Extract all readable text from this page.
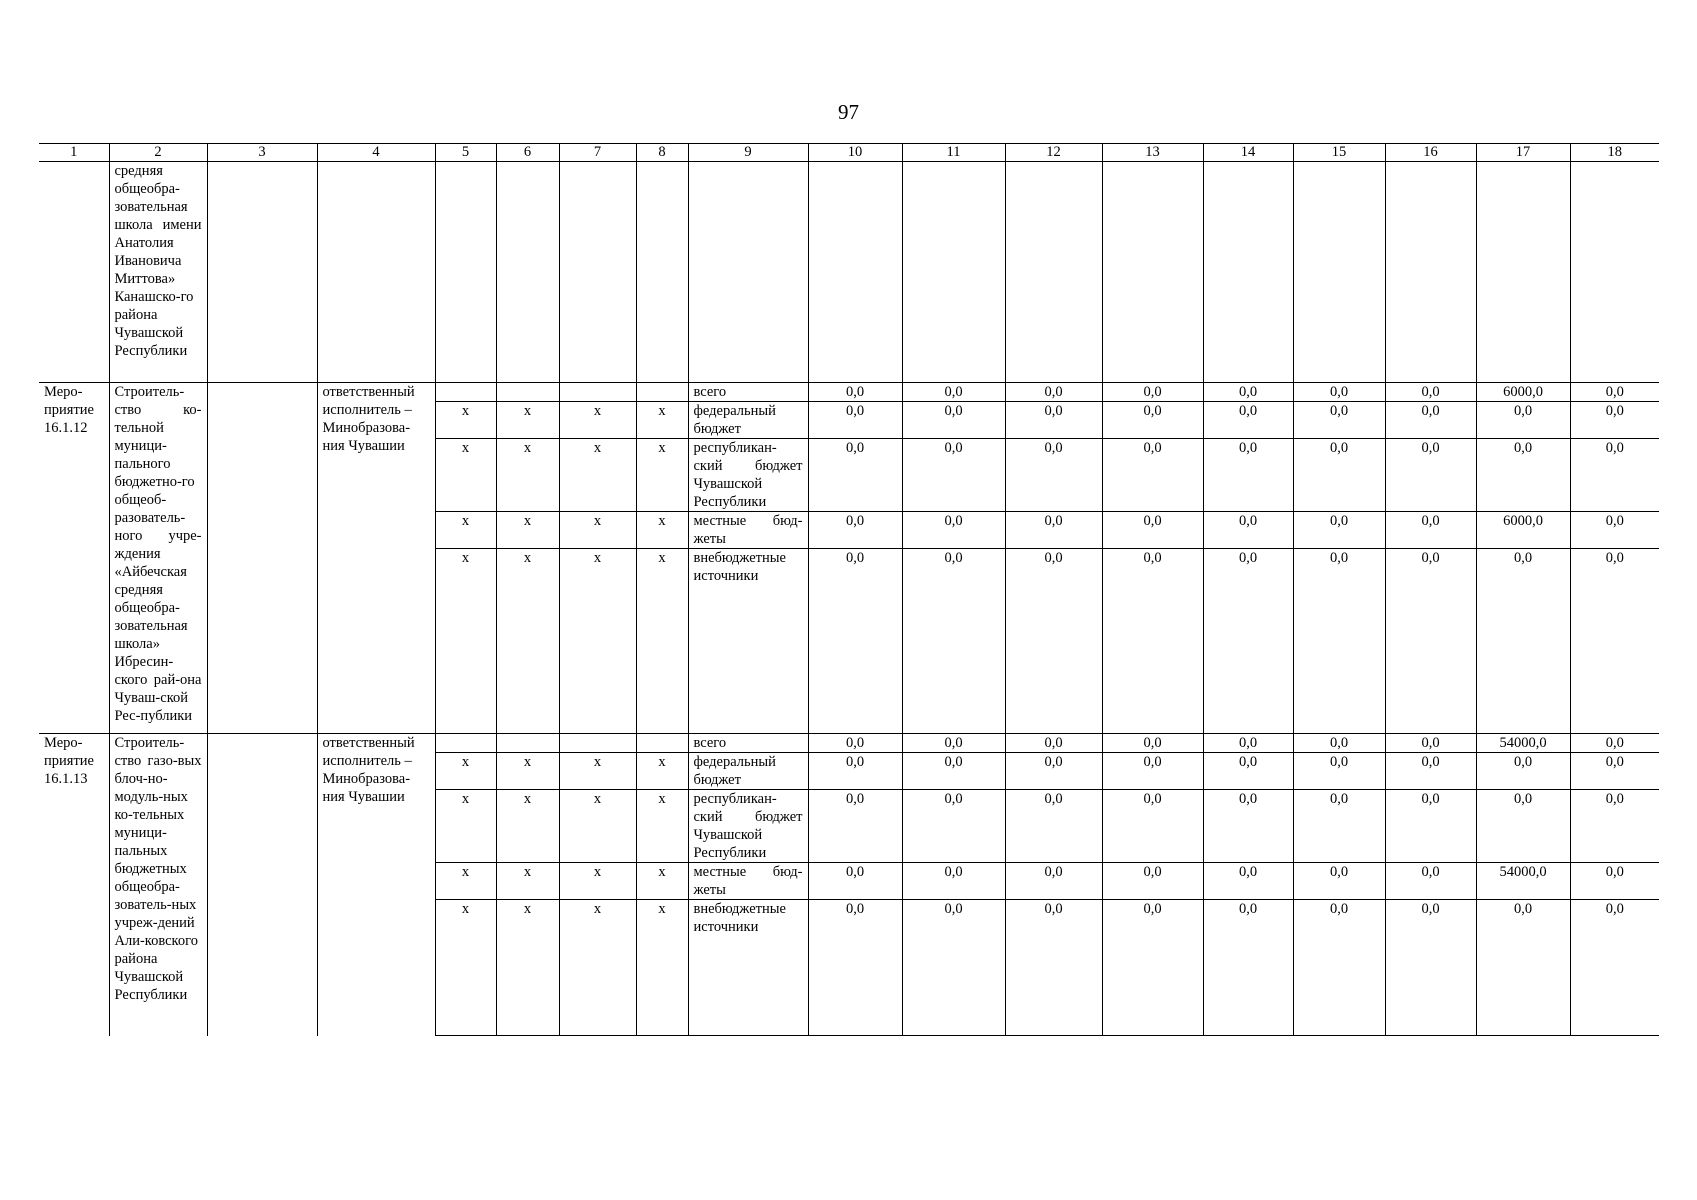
97
1	2	3	4	5	6	7	8	9	10	11	12	13	14	15	16	17	18
	средняя общеобра-зовательная школа имени Анатолия Ивановича Миттова» Канашско-го района Чувашской Республики																
Меро-приятие 16.1.12	Строитель-ство ко-тельной муници-пального бюджетно-го общеоб-разователь-ного учре-ждения «Айбечская средняя общеобра-зовательная школа» Ибресин-ского рай-она Чуваш-ской Рес-публики		ответственный исполнитель – Минобразова-ния Чувашии					всего	0,0	0,0	0,0	0,0	0,0	0,0	0,0	6000,0	0,0
				x	x	x	x	федеральный бюджет	0,0	0,0	0,0	0,0	0,0	0,0	0,0	0,0	0,0
				x	x	x	x	республикан-ский бюджет Чувашской Республики	0,0	0,0	0,0	0,0	0,0	0,0	0,0	0,0	0,0
				x	x	x	x	местные бюд-жеты	0,0	0,0	0,0	0,0	0,0	0,0	0,0	6000,0	0,0
				x	x	x	x	внебюджетные источники	0,0	0,0	0,0	0,0	0,0	0,0	0,0	0,0	0,0
Меро-приятие 16.1.13	Строитель-ство газо-вых блоч-но-модуль-ных ко-тельных муници-пальных бюджетных общеобра-зователь-ных учреж-дений Али-ковского района Чувашской Республики		ответственный исполнитель – Минобразова-ния Чувашии					всего	0,0	0,0	0,0	0,0	0,0	0,0	0,0	54000,0	0,0
				x	x	x	x	федеральный бюджет	0,0	0,0	0,0	0,0	0,0	0,0	0,0	0,0	0,0
				x	x	x	x	республикан-ский бюджет Чувашской Республики	0,0	0,0	0,0	0,0	0,0	0,0	0,0	0,0	0,0
				x	x	x	x	местные бюд-жеты	0,0	0,0	0,0	0,0	0,0	0,0	0,0	54000,0	0,0
				x	x	x	x	внебюджетные источники	0,0	0,0	0,0	0,0	0,0	0,0	0,0	0,0	0,0
